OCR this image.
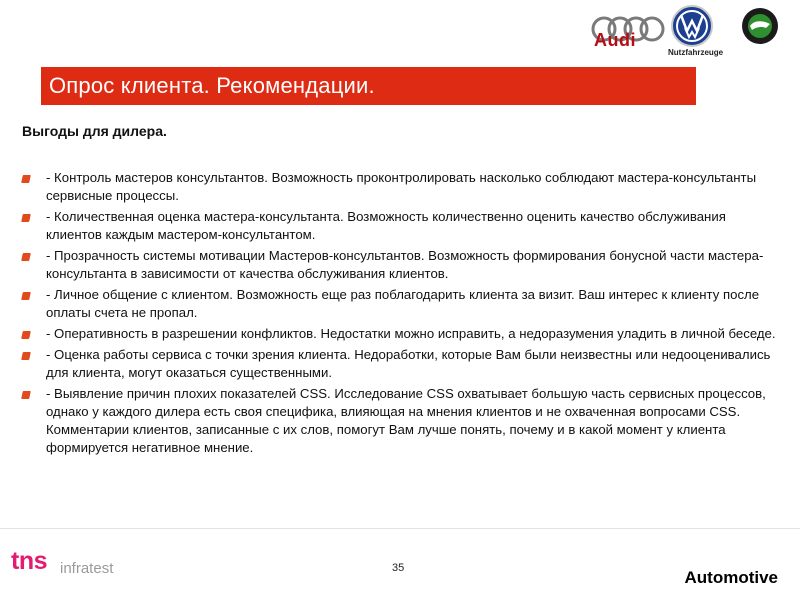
Audi
Nutzfahrzeuge
Опрос клиента. Рекомендации.
Выгоды для дилера.
- Контроль мастеров консультантов. Возможность проконтролировать насколько соблюдают мастера-консультанты сервисные процессы.
- Количественная оценка мастера-консультанта. Возможность количественно оценить качество обслуживания клиентов каждым мастером-консультантом.
- Прозрачность системы мотивации Мастеров-консультантов. Возможность формирования бонусной части мастера-консультанта в зависимости от качества обслуживания клиентов.
- Личное общение с клиентом. Возможность еще раз поблагодарить клиента за визит. Ваш интерес к клиенту после оплаты счета не пропал.
- Оперативность в разрешении конфликтов. Недостатки можно исправить, а недоразумения уладить в личной беседе.
- Оценка работы сервиса с точки зрения клиента. Недоработки, которые Вам были неизвестны или недооценивались для клиента, могут оказаться существенными.
- Выявление причин плохих показателей CSS. Исследование CSS охватывает большую часть сервисных процессов, однако у каждого дилера есть своя специфика, влияющая на мнения клиентов и не охваченная вопросами CSS. Комментарии клиентов, записанные с их слов, помогут Вам лучше понять, почему и в какой момент у клиента формируется негативное мнение.
tns infratest	35	Automotive
